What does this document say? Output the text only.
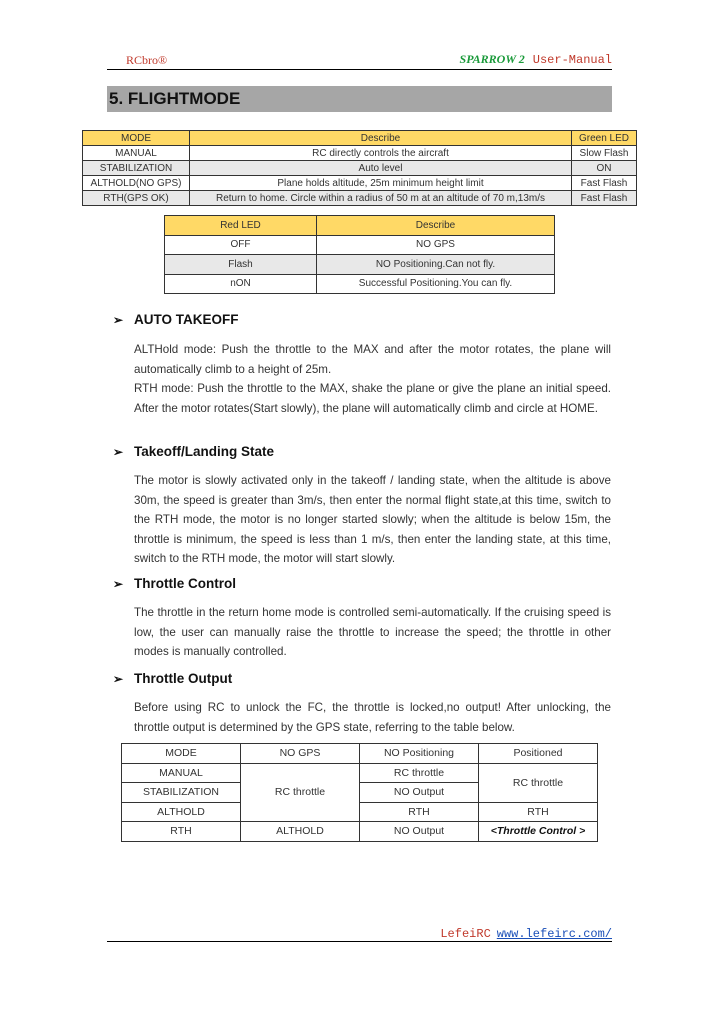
RCbro®	SPARROW 2 User-Manual
5. FLIGHTMODE
MODE	Describe	Green LED
MANUAL	RC directly controls the aircraft	Slow Flash
STABILIZATION	Auto level	ON
ALTHOLD(NO GPS)	Plane holds altitude, 25m minimum height limit	Fast Flash
RTH(GPS OK)	Return to home. Circle within a radius of 50 m at an altitude of 70 m,13m/s	Fast Flash
Red LED	Describe
OFF	NO GPS
Flash	NO Positioning.Can not fly.
nON	Successful Positioning.You can fly.
➢ AUTO TAKEOFF

ALTHold mode: Push the throttle to the MAX and after the motor rotates, the plane will automatically climb to a height of 25m.

RTH mode: Push the throttle to the MAX, shake the plane or give the plane an initial speed. After the motor rotates(Start slowly), the plane will automatically climb and circle at HOME.

➢ Takeoff/Landing State

The motor is slowly activated only in the takeoff / landing state, when the altitude is above 30m, the speed is greater than 3m/s, then enter the normal flight state,at this time, switch to the RTH mode, the motor is no longer started slowly; when the altitude is below 15m, the throttle is minimum, the speed is less than 1 m/s, then enter the landing state, at this time, switch to the RTH mode, the motor will start slowly.

➢ Throttle Control

The throttle in the return home mode is controlled semi-automatically. If the cruising speed is low, the user can manually raise the throttle to increase the speed; the throttle in other modes is manually controlled.

➢ Throttle Output

Before using RC to unlock the FC, the throttle is locked,no output! After unlocking, the throttle output is determined by the GPS state, referring to the table below.

MODE	NO GPS	NO Positioning	Positioned
MANUAL	RC throttle	RC throttle	RC throttle
STABILIZATION		NO Output	
ALTHOLD		RTH	RTH
RTH	ALTHOLD	NO Output	<Throttle Control >
LefeiRC www.lefeirc.com/
